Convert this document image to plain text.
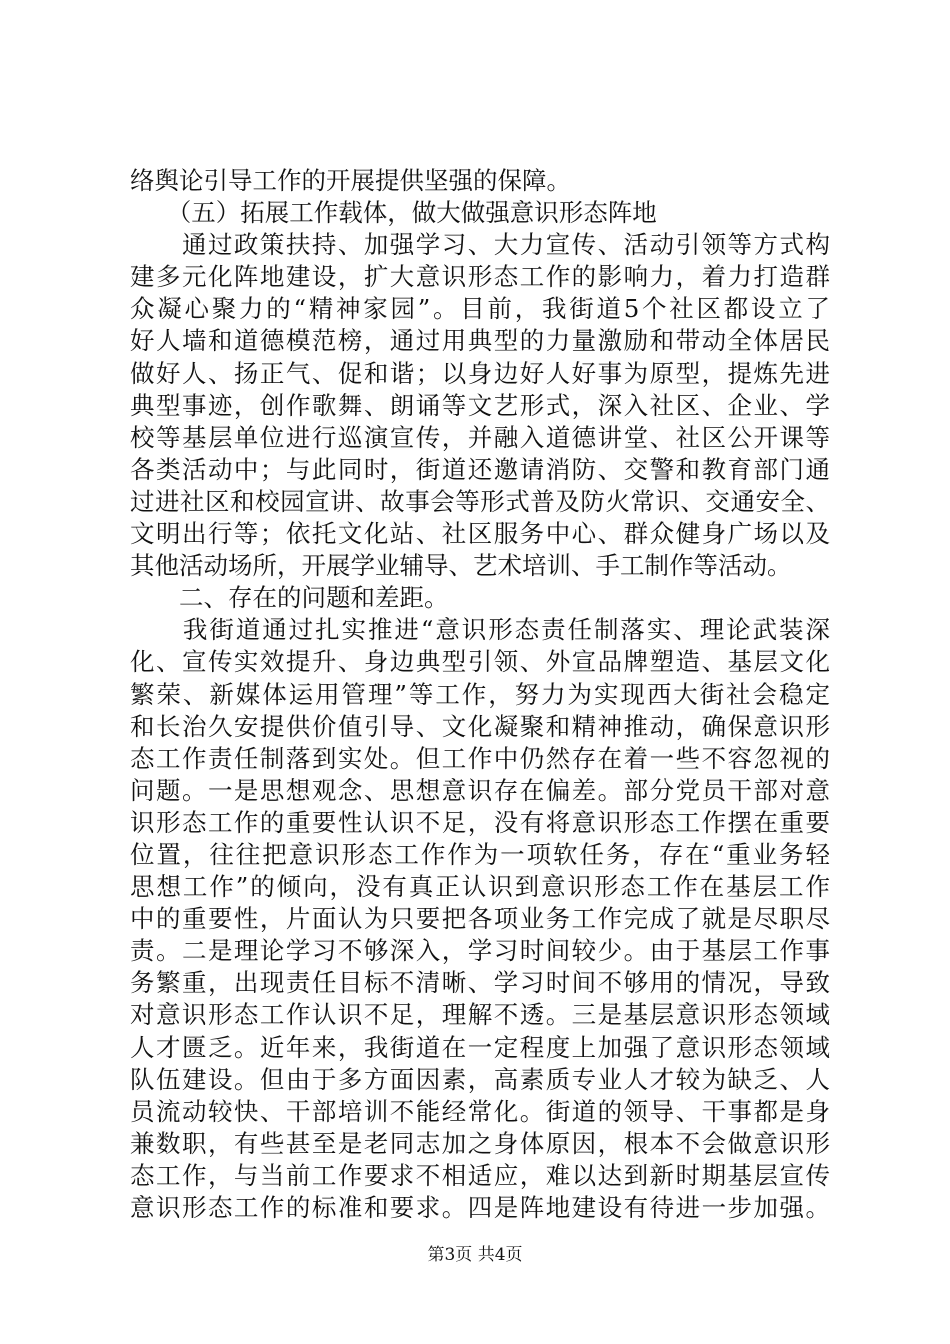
络舆论引导工作的开展提供坚强的保障。
　　（五）拓展工作载体，做大做强意识形态阵地
　　通过政策扶持、加强学习、大力宣传、活动引领等方式构
建多元化阵地建设，扩大意识形态工作的影响力，着力打造群
众凝心聚力的“精神家园”。目前，我街道5个社区都设立了
好人墙和道德模范榜，通过用典型的力量激励和带动全体居民
做好人、扬正气、促和谐；以身边好人好事为原型，提炼先进
典型事迹，创作歌舞、朗诵等文艺形式，深入社区、企业、学
校等基层单位进行巡演宣传，并融入道德讲堂、社区公开课等
各类活动中；与此同时，街道还邀请消防、交警和教育部门通
过进社区和校园宣讲、故事会等形式普及防火常识、交通安全、
文明出行等；依托文化站、社区服务中心、群众健身广场以及
其他活动场所，开展学业辅导、艺术培训、手工制作等活动。
　　二、存在的问题和差距。
　　我街道通过扎实推进“意识形态责任制落实、理论武装深
化、宣传实效提升、身边典型引领、外宣品牌塑造、基层文化
繁荣、新媒体运用管理”等工作，努力为实现西大街社会稳定
和长治久安提供价值引导、文化凝聚和精神推动，确保意识形
态工作责任制落到实处。但工作中仍然存在着一些不容忽视的
问题。一是思想观念、思想意识存在偏差。部分党员干部对意
识形态工作的重要性认识不足，没有将意识形态工作摆在重要
位置，往往把意识形态工作作为一项软任务，存在“重业务轻
思想工作”的倾向，没有真正认识到意识形态工作在基层工作
中的重要性，片面认为只要把各项业务工作完成了就是尽职尽
责。二是理论学习不够深入，学习时间较少。由于基层工作事
务繁重，出现责任目标不清晰、学习时间不够用的情况，导致
对意识形态工作认识不足，理解不透。三是基层意识形态领域
人才匮乏。近年来，我街道在一定程度上加强了意识形态领域
队伍建设。但由于多方面因素，高素质专业人才较为缺乏、人
员流动较快、干部培训不能经常化。街道的领导、干事都是身
兼数职，有些甚至是老同志加之身体原因，根本不会做意识形
态工作，与当前工作要求不相适应，难以达到新时期基层宣传
意识形态工作的标准和要求。四是阵地建设有待进一步加强。
第3页 共4页
